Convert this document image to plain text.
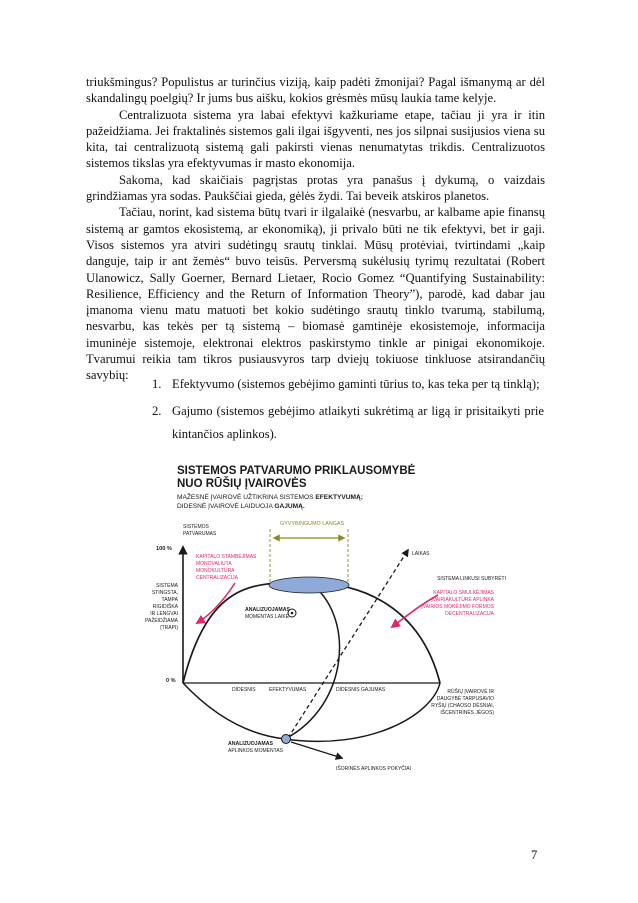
triukšmingus? Populistus ar turinčius viziją, kaip padėti žmonijai? Pagal išmanymą ar dėl skandalingų poelgių? Ir jums bus aišku, kokios grėsmės mūsų laukia tame kelyje.

Centralizuota sistema yra labai efektyvi kažkuriame etape, tačiau ji yra ir itin pažeidžiama. Jei fraktalinės sistemos gali ilgai išgyventi, nes jos silpnai susijusios viena su kita, tai centralizuotą sistemą gali pakirsti vienas nenumatytas trikdis. Centralizuotos sistemos tikslas yra efektyvumas ir masto ekonomija.

Sakoma, kad skaičiais pagrįstas protas yra panašus į dykumą, o vaizdais grindžiamas yra sodas. Paukščiai gieda, gėlės žydi. Tai beveik atskiros planetos.

Tačiau, norint, kad sistema būtų tvari ir ilgalaikė (nesvarbu, ar kalbame apie finansų sistemą ar gamtos ekosistemą, ar ekonomiką), ji privalo būti ne tik efektyvi, bet ir gaji. Visos sistemos yra atviri sudėtingų srautų tinklai. Mūsų protėviai, tvirtindami „kaip danguje, taip ir ant žemės“ buvo teisūs. Perversmą sukėlusių tyrimų rezultatai (Robert Ulanowicz, Sally Goerner, Bernard Lietaer, Rocio Gomez “Quantifying Sustainability: Resilience, Efficiency and the Return of Information Theory”), parodė, kad dabar jau įmanoma vienu matu matuoti bet kokio sudėtingo srautų tinklo tvarumą, stabilumą, nesvarbu, kas tekės per tą sistemą – biomasė gamtinėje ekosistemoje, informacija imuninėje sistemoje, elektronai elektros paskirstymo tinkle ar pinigai ekonomikoje. Tvarumui reikia tam tikros pusiausvyros tarp dviejų tokiuose tinkluose atsirandančių savybių:

1. Efektyvumo (sistemos gebėjimo gaminti tūrius to, kas teka per tą tinklą);
2. Gajumo (sistemos gebėjimo atlaikyti sukrėtimą ar ligą ir prisitaikyti prie kintančios aplinkos).
SISTEMOS PATVARUMO PRIKLAUSOMYBĖ
NUO RŪŠIŲ ĮVAIROVĖS
MAŽESNĖ ĮVAIROVĖ UŽTIKRINA SISTEMOS EFEKTYVUMĄ;
DIDESNĖ ĮVAIROVĖ LAIDUOJA GAJUMĄ.
SISTEMOS
PATVARUMAS
GYVYBINGUMO LANGAS
100 %
0 %
LAIKAS
KAPITALO STAMBĖJIMAS
MONOVALIUTA
MONOKULTŪRA
CENTRALIZACIJA
SISTEMA
STINGSTA,
TAMPA
RIGIDIŠKA
IR LENGVAI
PAŽEIDŽIAMA
(TRAPI)
SISTEMA LINKUSI SUBYRĖTI
KAPITALO SMULKĖJIMAS
ĮVAIRIAKULTŪRĖ APLINKA
ĮVAIRIOS MOKĖJIMO FORMOS
DECENTRALIZACIJA
ANALIZUOJAMAS
MOMENTAS LAIKE
DIDESNIS	EFEKTYVUMAS	DIDESNIS GAJUMAS	RŪŠIŲ ĮVAIROVĖ IR
DAUGYBĖ TARPUSAVIO
RYŠIŲ (CHAOSO DĖSNIAI,
IŠCENTRINĖS JĖGOS)
ANALIZUOJAMAS
APLINKOS MOMENTAS
IŠORINĖS APLINKOS POKYČIAI
7
